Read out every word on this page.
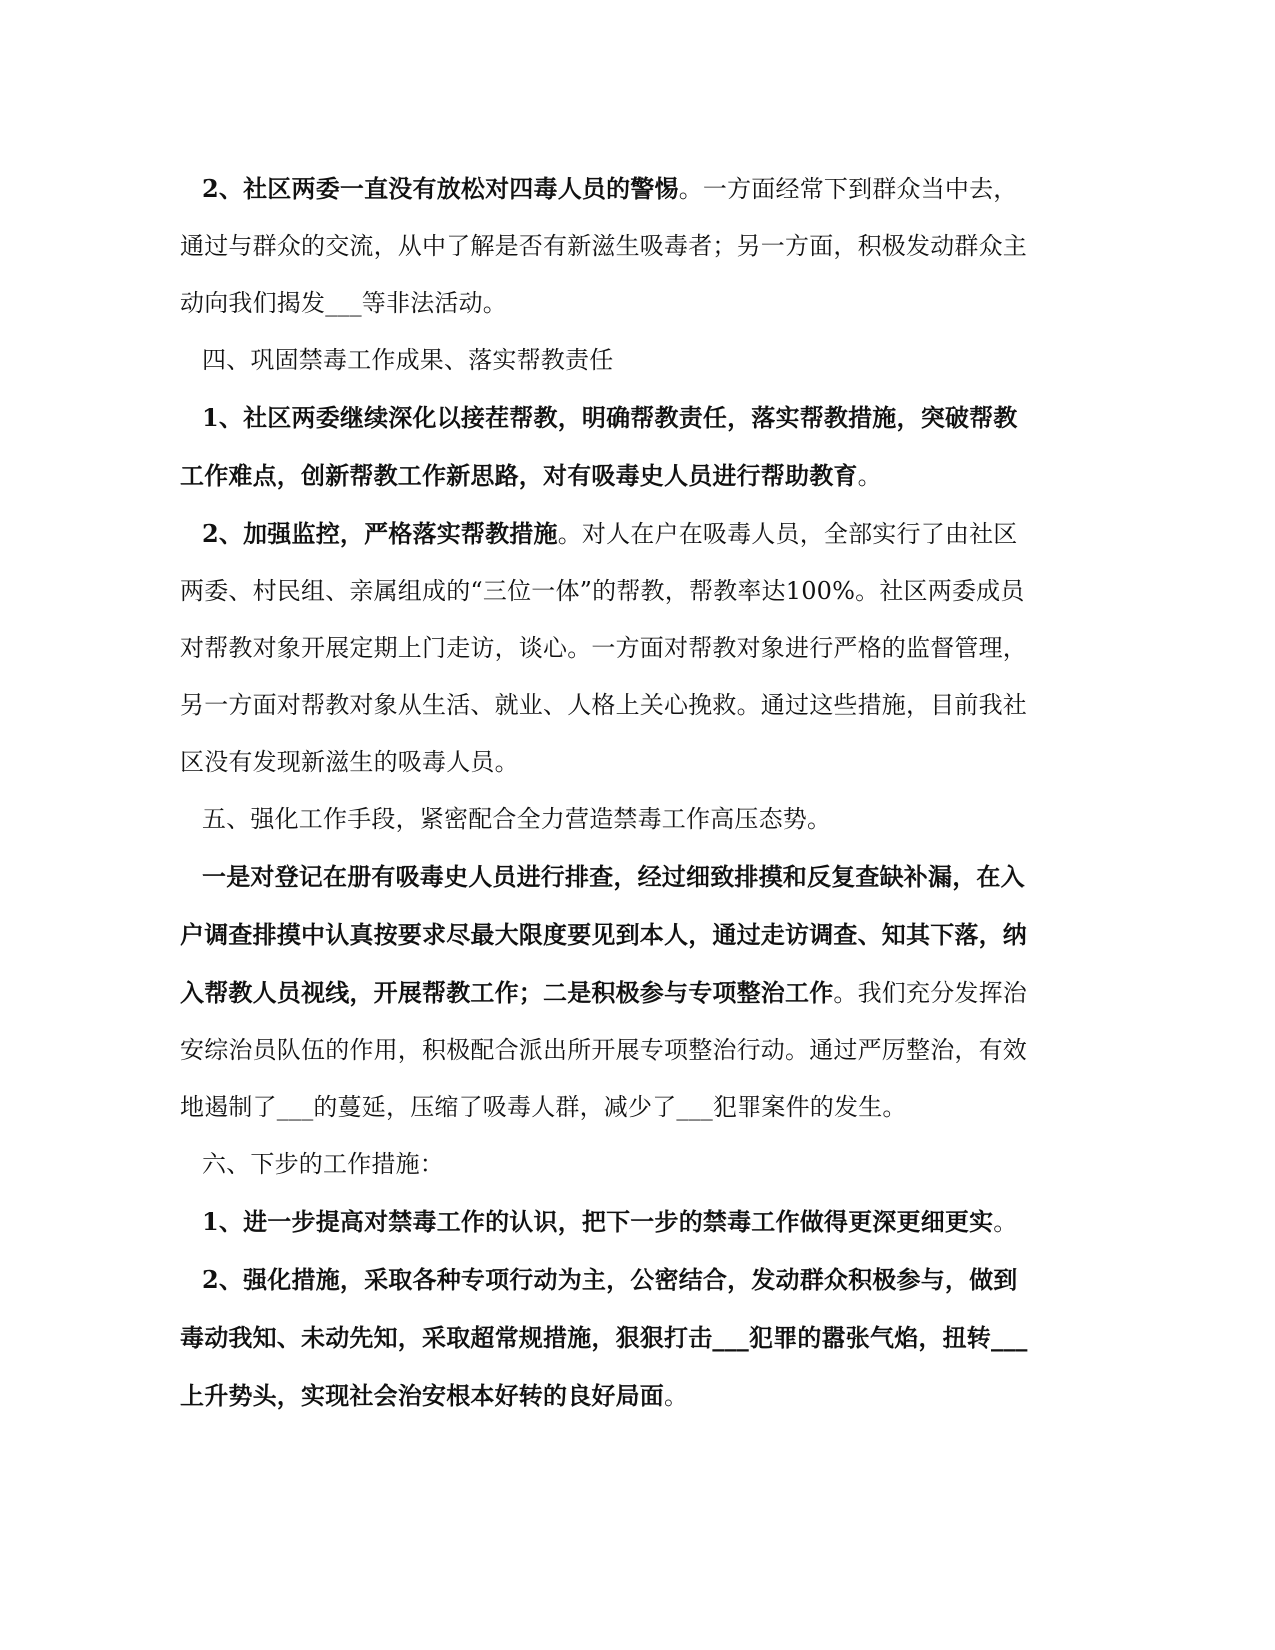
2、社区两委一直没有放松对四毒人员的警惕。一方面经常下到群众当中去，通过与群众的交流，从中了解是否有新滋生吸毒者；另一方面，积极发动群众主动向我们揭发___等非法活动。

四、巩固禁毒工作成果、落实帮教责任

1、社区两委继续深化以接茬帮教，明确帮教责任，落实帮教措施，突破帮教工作难点，创新帮教工作新思路，对有吸毒史人员进行帮助教育。

2、加强监控，严格落实帮教措施。对人在户在吸毒人员，全部实行了由社区两委、村民组、亲属组成的“三位一体”的帮教，帮教率达100%。社区两委成员对帮教对象开展定期上门走访，谈心。一方面对帮教对象进行严格的监督管理，另一方面对帮教对象从生活、就业、人格上关心挽救。通过这些措施，目前我社区没有发现新滋生的吸毒人员。

五、强化工作手段，紧密配合全力营造禁毒工作高压态势。

一是对登记在册有吸毒史人员进行排查，经过细致排摸和反复查缺补漏，在入户调查排摸中认真按要求尽最大限度要见到本人，通过走访调查、知其下落，纳入帮教人员视线，开展帮教工作；二是积极参与专项整治工作。我们充分发挥治安综治员队伍的作用，积极配合派出所开展专项整治行动。通过严厉整治，有效地遏制了___的蔓延，压缩了吸毒人群，减少了___犯罪案件的发生。

六、下步的工作措施：

1、进一步提高对禁毒工作的认识，把下一步的禁毒工作做得更深更细更实。

2、强化措施，采取各种专项行动为主，公密结合，发动群众积极参与，做到毒动我知、未动先知，采取超常规措施，狠狠打击___犯罪的嚣张气焰，扭转___上升势头，实现社会治安根本好转的良好局面。
